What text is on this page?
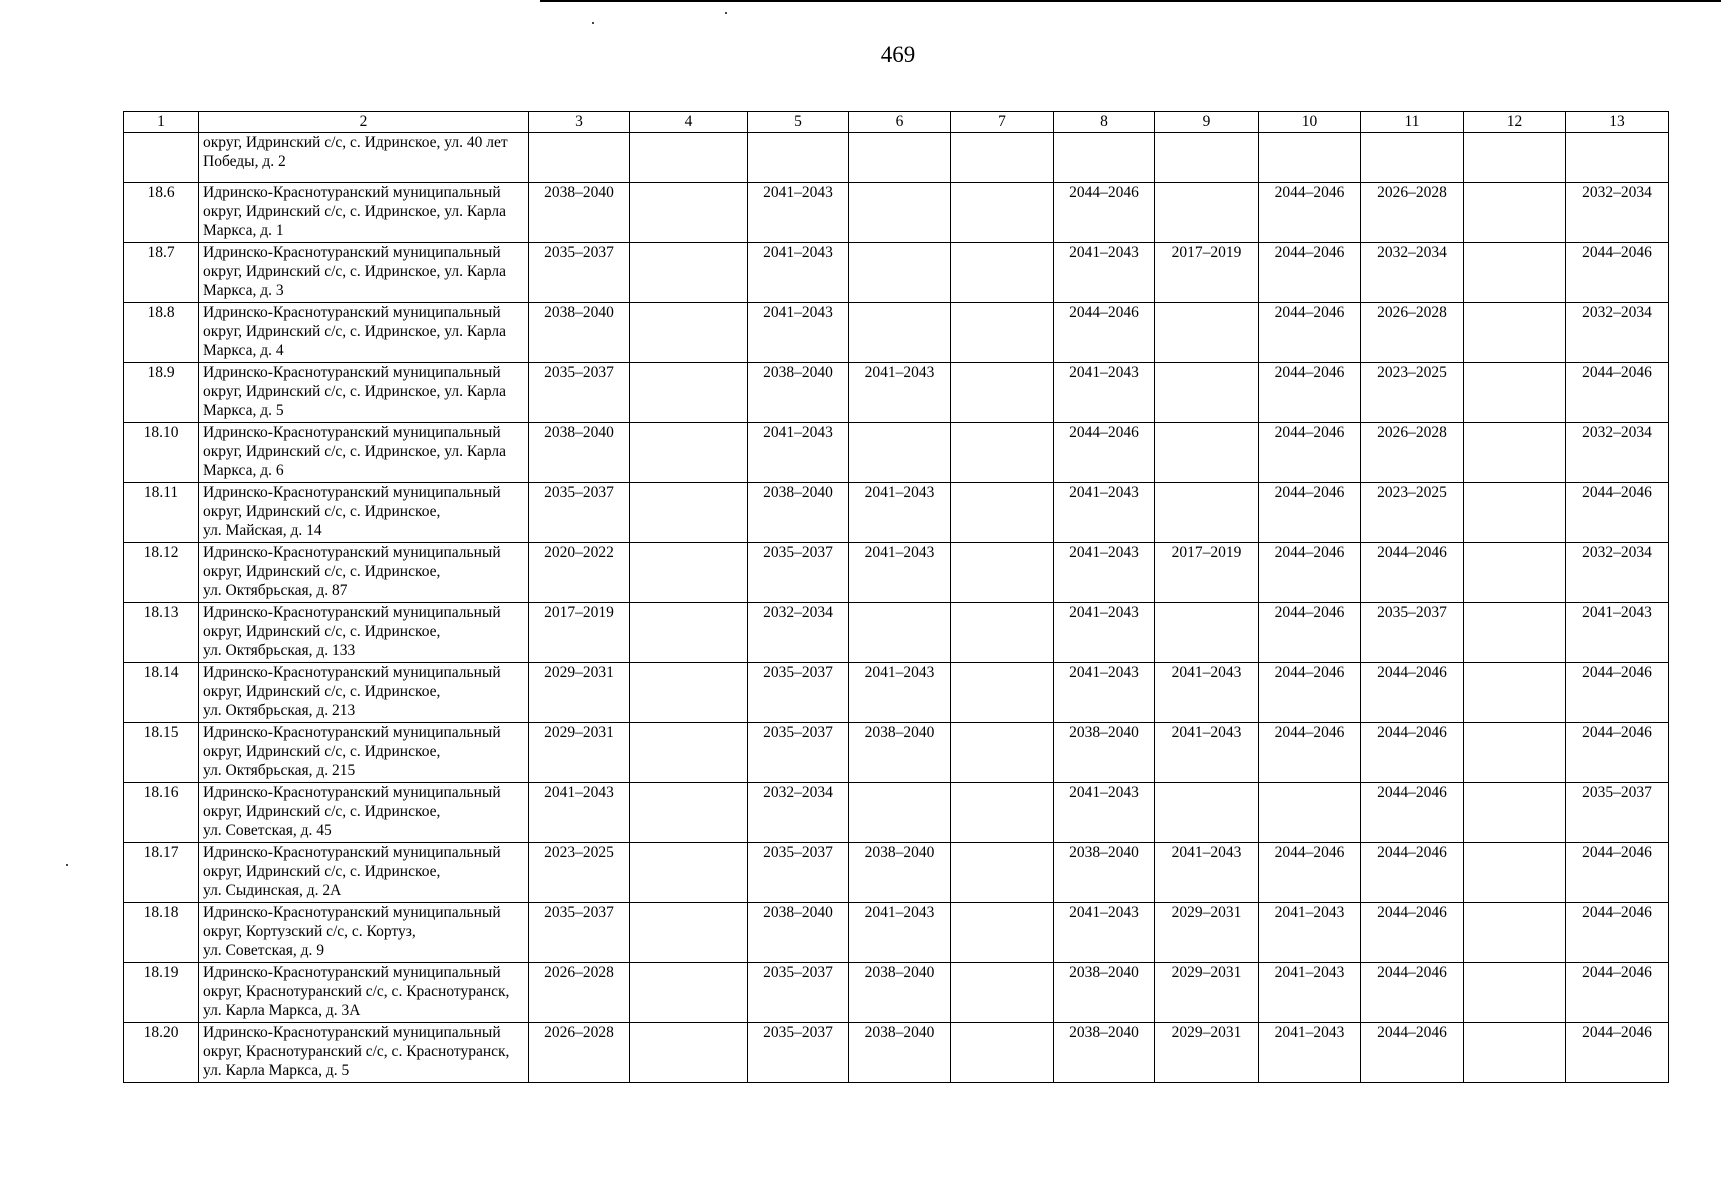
469
1	2	3	4	5	6	7	8	9	10	11	12	13

	округ, Идринский с/с, с. Идринское, ул. 40 лет
Победы, д. 2											

18.6	Идринско-Краснотуранский муниципальный
округ, Идринский с/с, с. Идринское, ул. Карла
Маркса, д. 1	2038–2040		2041–2043			2044–2046		2044–2046	2026–2028		2032–2034
18.7	Идринско-Краснотуранский муниципальный
округ, Идринский с/с, с. Идринское, ул. Карла
Маркса, д. 3	2035–2037		2041–2043			2041–2043	2017–2019	2044–2046	2032–2034		2044–2046
18.8	Идринско-Краснотуранский муниципальный
округ, Идринский с/с, с. Идринское, ул. Карла
Маркса, д. 4	2038–2040		2041–2043			2044–2046		2044–2046	2026–2028		2032–2034
18.9	Идринско-Краснотуранский муниципальный
округ, Идринский с/с, с. Идринское, ул. Карла
Маркса, д. 5	2035–2037		2038–2040	2041–2043		2041–2043		2044–2046	2023–2025		2044–2046
18.10	Идринско-Краснотуранский муниципальный
округ, Идринский с/с, с. Идринское, ул. Карла
Маркса, д. 6	2038–2040		2041–2043			2044–2046		2044–2046	2026–2028		2032–2034
18.11	Идринско-Краснотуранский муниципальный
округ, Идринский с/с, с. Идринское,
ул. Майская, д. 14	2035–2037		2038–2040	2041–2043		2041–2043		2044–2046	2023–2025		2044–2046
18.12	Идринско-Краснотуранский муниципальный
округ, Идринский с/с, с. Идринское,
ул. Октябрьская, д. 87	2020–2022		2035–2037	2041–2043		2041–2043	2017–2019	2044–2046	2044–2046		2032–2034
18.13	Идринско-Краснотуранский муниципальный
округ, Идринский с/с, с. Идринское,
ул. Октябрьская, д. 133	2017–2019		2032–2034			2041–2043		2044–2046	2035–2037		2041–2043
18.14	Идринско-Краснотуранский муниципальный
округ, Идринский с/с, с. Идринское,
ул. Октябрьская, д. 213	2029–2031		2035–2037	2041–2043		2041–2043	2041–2043	2044–2046	2044–2046		2044–2046
18.15	Идринско-Краснотуранский муниципальный
округ, Идринский с/с, с. Идринское,
ул. Октябрьская, д. 215	2029–2031		2035–2037	2038–2040		2038–2040	2041–2043	2044–2046	2044–2046		2044–2046
18.16	Идринско-Краснотуранский муниципальный
округ, Идринский с/с, с. Идринское,
ул. Советская, д. 45	2041–2043		2032–2034			2041–2043			2044–2046		2035–2037
18.17	Идринско-Краснотуранский муниципальный
округ, Идринский с/с, с. Идринское,
ул. Сыдинская, д. 2А	2023–2025		2035–2037	2038–2040		2038–2040	2041–2043	2044–2046	2044–2046		2044–2046
18.18	Идринско-Краснотуранский муниципальный
округ, Кортузский с/с, с. Кортуз,
ул. Советская, д. 9	2035–2037		2038–2040	2041–2043		2041–2043	2029–2031	2041–2043	2044–2046		2044–2046
18.19	Идринско-Краснотуранский муниципальный
округ, Краснотуранский с/с, с. Краснотуранск,
ул. Карла Маркса, д. 3А	2026–2028		2035–2037	2038–2040		2038–2040	2029–2031	2041–2043	2044–2046		2044–2046
18.20	Идринско-Краснотуранский муниципальный
округ, Краснотуранский с/с, с. Краснотуранск,
ул. Карла Маркса, д. 5	2026–2028		2035–2037	2038–2040		2038–2040	2029–2031	2041–2043	2044–2046		2044–2046
